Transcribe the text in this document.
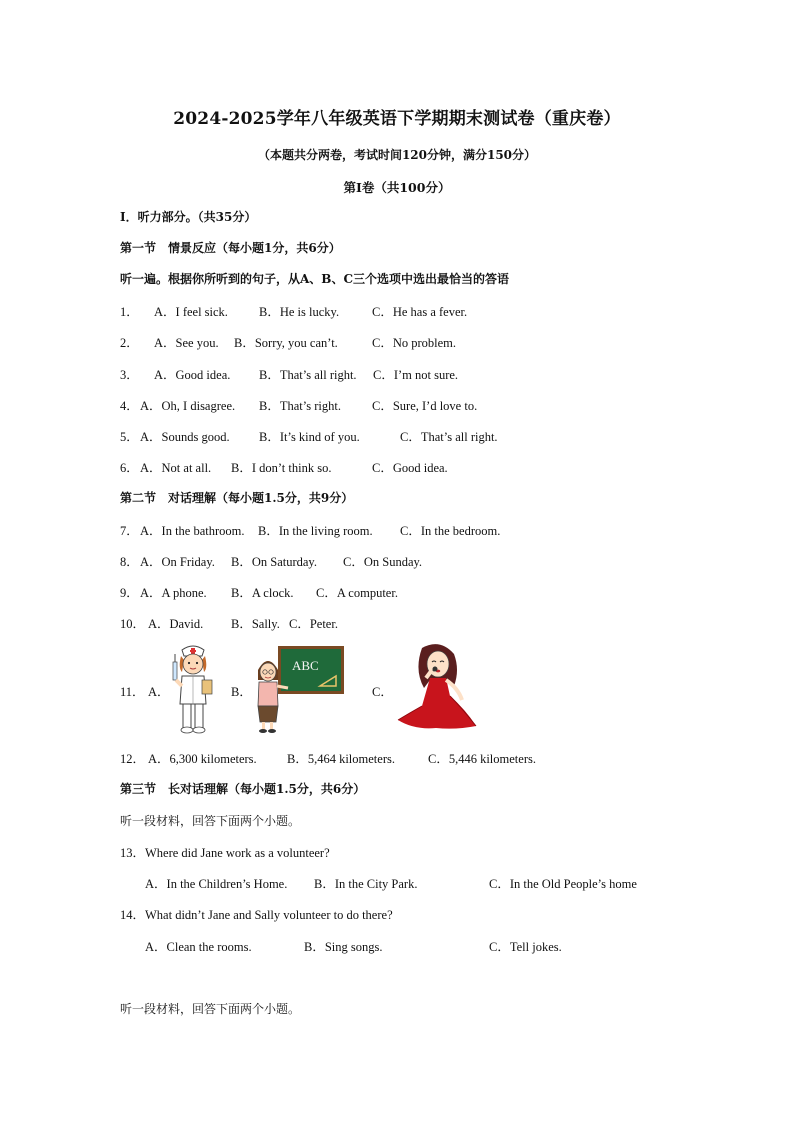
2024-2025学年八年级英语下学期期末测试卷（重庆卷）
（本题共分两卷，考试时间120分钟，满分150分）
第Ⅰ卷（共100分）
Ⅰ．听力部分。（共35分）
第一节　情景反应（每小题1分，共6分）
听一遍。根据你所听到的句子，从A、B、C三个选项中选出最恰当的答语
1． A．I feel sick. B．He is lucky.	C．He has a fever.
2． A．See you. B．Sorry, you can’t.	C．No problem.
3． A．Good idea. B．That’s all right. C．I’m not sure.
4． A．Oh, I disagree. B．That’s right. C．Sure, I’d love to.
5． A．Sounds good. B．It’s kind of you.	C．That’s all right.
6． A．Not at all. B．I don’t think so.	C．Good idea.
第二节　对话理解（每小题1.5分，共9分）
7． A．In the bathroom. B．In the living room. C．In the bedroom.
8． A．On Friday. B．On Saturday. C．On Sunday.
9． A．A phone. B．A clock. C．A computer.
10． A．David. B．Sally. C．Peter.
11． A．	B．
ABC
C．
12． A．6,300 kilometers. B．5,464 kilometers.	C．5,446 kilometers.
第三节　长对话理解（每小题1.5分，共6分）
听一段材料，回答下面两个小题。
13．Where did Jane work as a volunteer?
A．In the Children’s Home. B．In the City Park.	C．In the Old People’s home
14．What didn’t Jane and Sally volunteer to do there?
A．Clean the rooms.	B．Sing songs.	C．Tell jokes.
听一段材料，回答下面两个小题。
